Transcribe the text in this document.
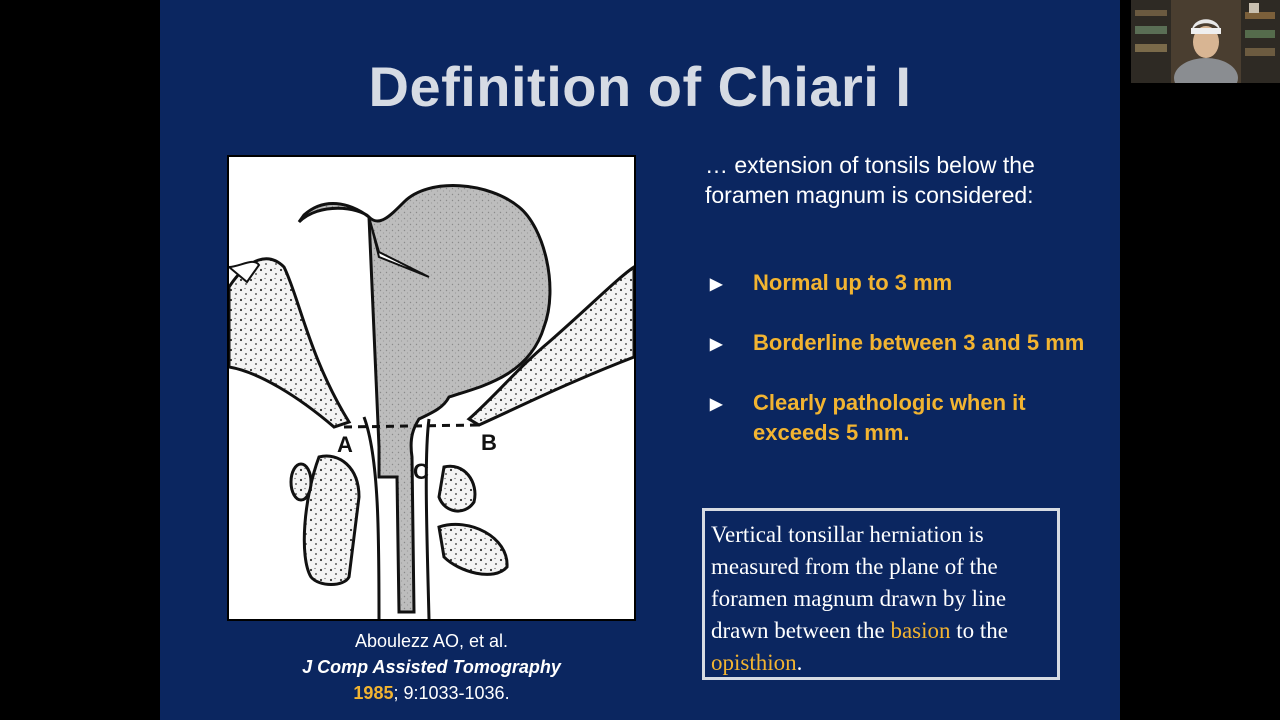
Definition of Chiari I
A	B
C
… extension of tonsils below the foramen magnum is considered:
▶ Normal up to 3 mm
▶ Borderline between 3 and 5 mm
▶ Clearly pathologic when it exceeds 5 mm.
Vertical tonsillar herniation is measured from the plane of the foramen magnum drawn by line drawn between the basion to the opisthion.
Aboulezz AO, et al.
J Comp Assisted Tomography
1985; 9:1033-1036.
